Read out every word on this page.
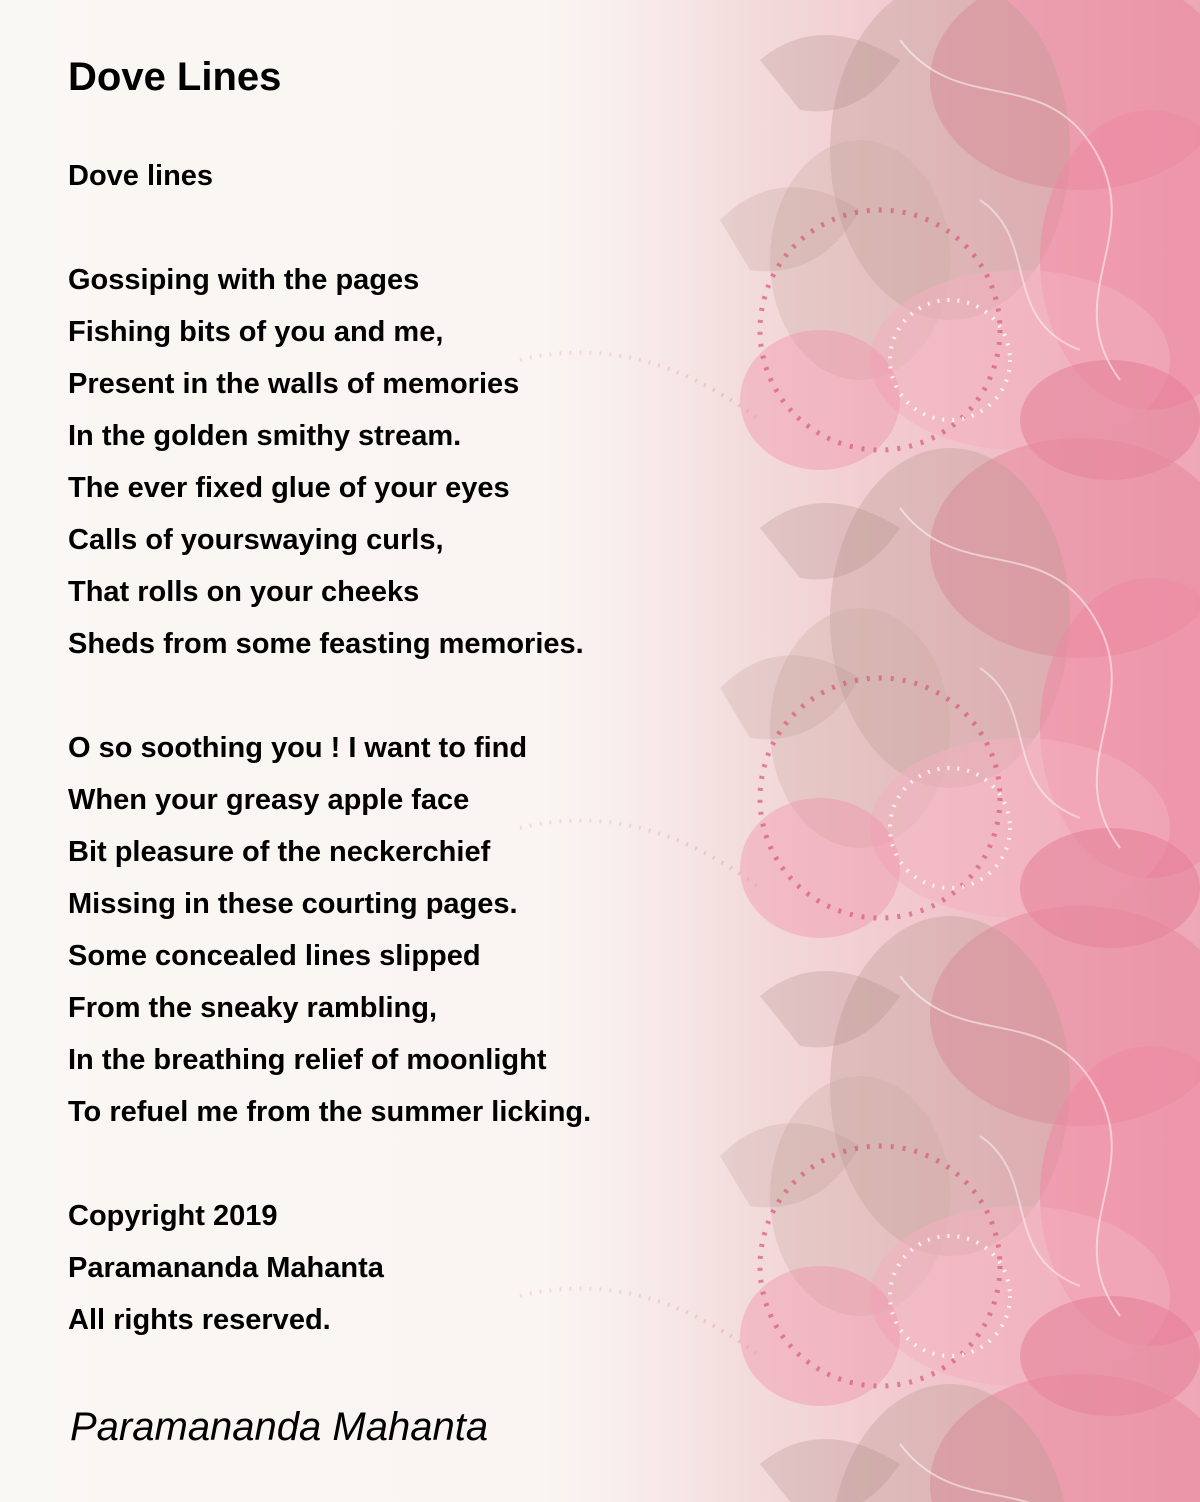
Dove Lines
Dove lines
Gossiping with the pages
Fishing bits of you and me,
Present in the walls of memories
In the golden smithy stream.
The ever fixed glue of your eyes
Calls of yourswaying curls,
That rolls on your cheeks
Sheds from some feasting memories.
O so soothing you ! I want to find
When your greasy apple face
Bit pleasure of the neckerchief
Missing in these courting pages.
Some concealed lines slipped
From the sneaky rambling,
In the breathing relief of moonlight
To refuel me from the summer licking.
Copyright 2019
Paramananda Mahanta
All rights reserved.
Paramananda Mahanta
